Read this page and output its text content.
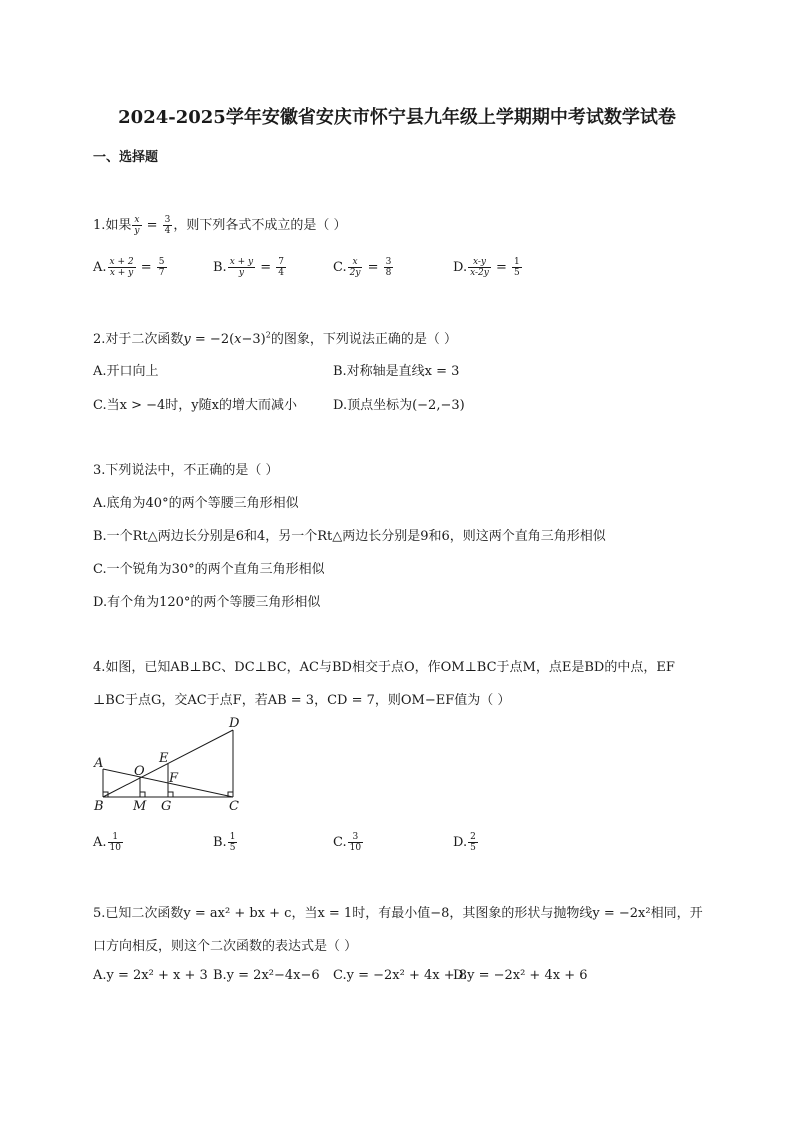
2024-2025学年安徽省安庆市怀宁县九年级上学期期中考试数学试卷
一、选择题
1.如果 $\frac{x}{y} = \frac{3}{4}$ ，则下列各式不成立的是（ ）
A. $\frac{x + 2}{x + y} = \frac{5}{7}$	B. $\frac{x + y}{y} = \frac{7}{4}$	C. $\frac{x}{2y} = \frac{3}{8}$	D. $\frac{x-y}{x-2y} = \frac{1}{5}$
2.对于二次函数$y = -2(x-3)^2$的图象，下列说法正确的是（ ）
A.开口向上	B.对称轴是直线x = 3
C.当x > −4时，y随x的增大而减小	D.顶点坐标为(−2,−3)
3.下列说法中，不正确的是（ ）
A.底角为40°的两个等腰三角形相似
B.一个Rt△两边长分别是6和4，另一个Rt△两边长分别是9和6，则这两个直角三角形相似
C.一个锐角为30°的两个直角三角形相似
D.有个角为120°的两个等腰三角形相似
4.如图，已知AB⊥BC、DC⊥BC，AC与BD相交于点O，作OM⊥BC于点M，点E是BD的中点，EF
⊥BC于点G，交AC于点F，若AB = 3，CD = 7，则OM−EF值为（ ）
A
B	C
D
E
F
G
M
O
A. $\frac{1}{10}$	B. $\frac{1}{5}$	C. $\frac{3}{10}$	D. $\frac{2}{5}$
5.已知二次函数y = ax² + bx + c，当x = 1时，有最小值−8，其图象的形状与抛物线y = −2x²相同，开
口方向相反，则这个二次函数的表达式是（ ）
A.y = 2x² + x + 3 B.y = 2x²−4x−6 C.y = −2x² + 4x + 8
D.y = −2x² + 4x + 6
